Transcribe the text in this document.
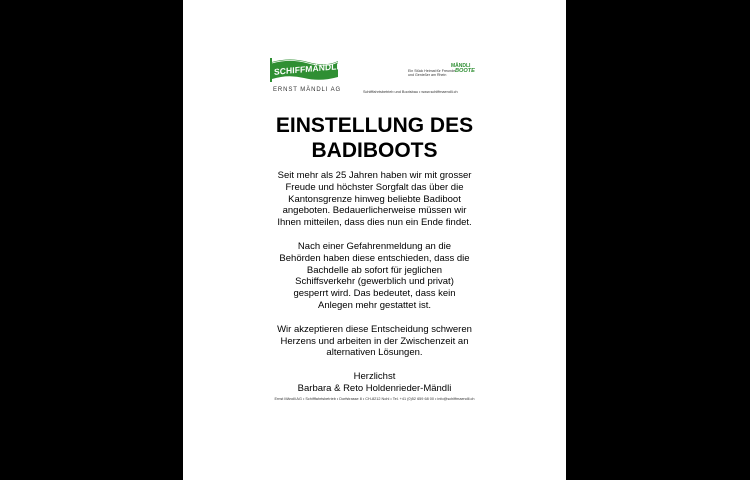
SCHIFFMÄNDLI
ERNST MÄNDLI AG
Ein Stück Heimat für Freunde
und Genießer am Rhein
MÄNDLI
BOOTE
Schifffahrtsbetrieb und Bootsbau • www.schiffmaendli.ch
EINSTELLUNG DES
BADIBOOTS
Seit mehr als 25 Jahren haben wir mit grosser
Freude und höchster Sorgfalt das über die
Kantonsgrenze hinweg beliebte Badiboot
angeboten. Bedauerlicherweise müssen wir
Ihnen mitteilen, dass dies nun ein Ende findet.
Nach einer Gefahrenmeldung an die
Behörden haben diese entschieden, dass die
Bachdelle ab sofort für jeglichen
Schiffsverkehr (gewerblich und privat)
gesperrt wird. Das bedeutet, dass kein
Anlegen mehr gestattet ist.
Wir akzeptieren diese Entscheidung schweren
Herzens und arbeiten in der Zwischenzeit an
alternativen Lösungen.
Herzlichst
Barbara & Reto Holdenrieder-Mändli
Ernst Mändli AG • Schifffahrtsbetrieb • Dorfstrasse 8 • CH-8212 Nohl • Tel. +41 (0)52 659 68 00 • info@schiffmaendli.ch
